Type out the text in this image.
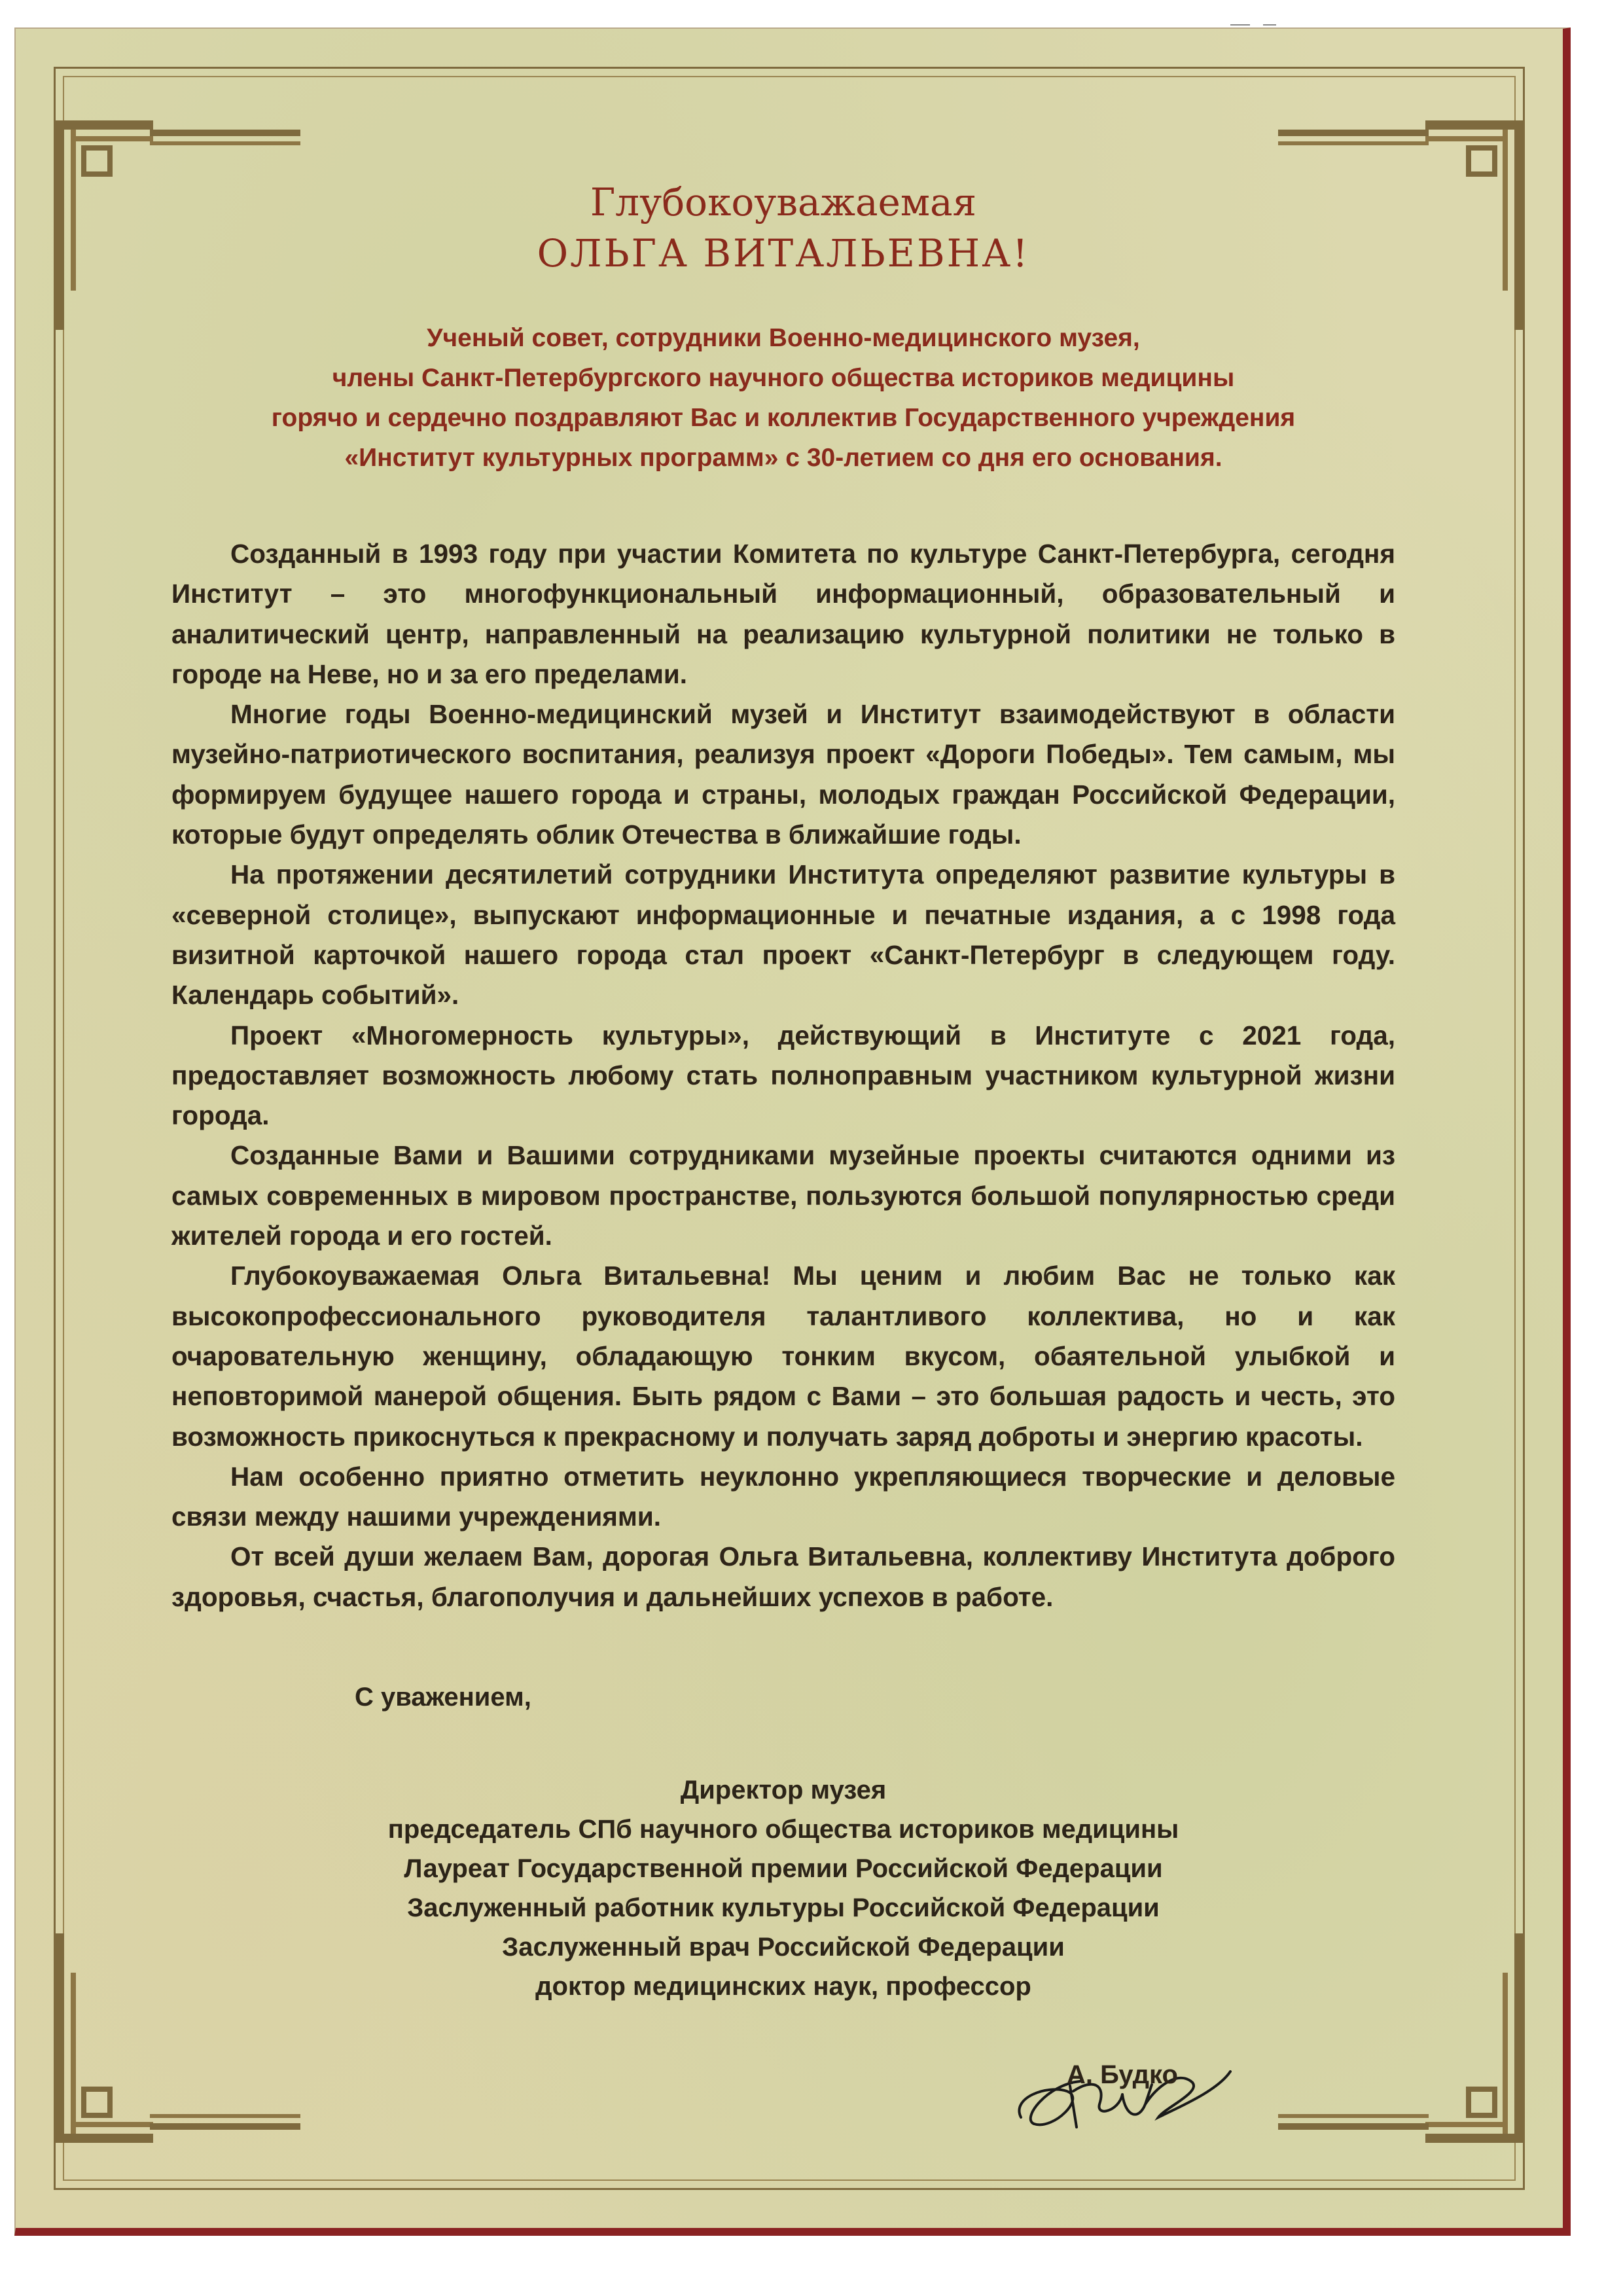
Глубокоуважаемая
ОЛЬГА ВИТАЛЬЕВНА!
Ученый совет, сотрудники Военно-медицинского музея,
члены Санкт-Петербургского научного общества историков медицины
горячо и сердечно поздравляют Вас и коллектив Государственного учреждения
«Институт культурных программ» с 30-летием со дня его основания.

Созданный в 1993 году при участии Комитета по культуре Санкт-Петербурга, сегодня Институт – это многофункциональный информационный, образовательный и аналитический центр, направленный на реализацию культурной политики не только в городе на Неве, но и за его пределами.

Многие годы Военно-медицинский музей и Институт взаимодействуют в области музейно-патриотического воспитания, реализуя проект «Дороги Победы». Тем самым, мы формируем будущее нашего города и страны, молодых граждан Российской Федерации, которые будут определять облик Отечества в ближайшие годы.

На протяжении десятилетий сотрудники Института определяют развитие культуры в «северной столице», выпускают информационные и печатные издания, а с 1998 года визитной карточкой нашего города стал проект «Санкт-Петербург в следующем году. Календарь событий».

Проект «Многомерность культуры», действующий в Институте с 2021 года, предоставляет возможность любому стать полноправным участником культурной жизни города.

Созданные Вами и Вашими сотрудниками музейные проекты считаются одними из самых современных в мировом пространстве, пользуются большой популярностью среди жителей города и его гостей.

Глубокоуважаемая Ольга Витальевна! Мы ценим и любим Вас не только как высокопрофессионального руководителя талантливого коллектива, но и как очаровательную женщину, обладающую тонким вкусом, обаятельной улыбкой и неповторимой манерой общения. Быть рядом с Вами – это большая радость и честь, это возможность прикоснуться к прекрасному и получать заряд доброты и энергию красоты.

Нам особенно приятно отметить неуклонно укрепляющиеся творческие и деловые связи между нашими учреждениями.

От всей души желаем Вам, дорогая Ольга Витальевна, коллективу Института доброго здоровья, счастья, благополучия и дальнейших успехов в работе.

С уважением,
Директор музея
председатель СПб научного общества историков медицины
Лауреат Государственной премии Российской Федерации
Заслуженный работник культуры Российской Федерации
Заслуженный врач Российской Федерации
доктор медицинских наук, профессор
А. Будко
